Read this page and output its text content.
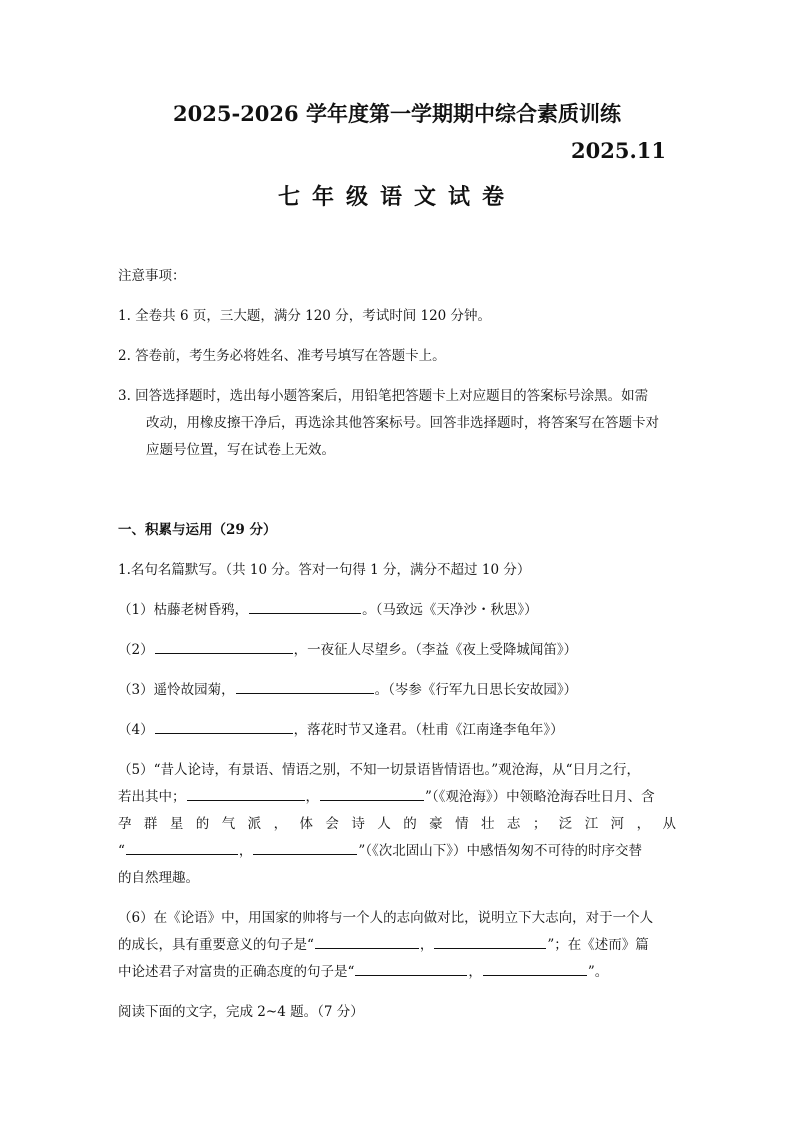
2025-2026 学年度第一学期期中综合素质训练
2025.11
七年级语文试卷
注意事项：
1. 全卷共 6 页，三大题，满分 120 分，考试时间 120 分钟。
2. 答卷前，考生务必将姓名、准考号填写在答题卡上。
3. 回答选择题时，选出每小题答案后，用铅笔把答题卡上对应题目的答案标号涂黑。如需
改动，用橡皮擦干净后，再选涂其他答案标号。回答非选择题时，将答案写在答题卡对
应题号位置，写在试卷上无效。
一、积累与运用（29 分）
1.名句名篇默写。（共 10 分。答对一句得 1 分，满分不超过 10 分）
（1）枯藤老树昏鸦，	。（马致远《天净沙・秋思》）
（2）	，一夜征人尽望乡。（李益《夜上受降城闻笛》）
（3）遥怜故园菊，	。（岑参《行军九日思长安故园》）
（4）	，落花时节又逢君。（杜甫《江南逢李龟年》）
（5）“昔人论诗，有景语、情语之别，不知一切景语皆情语也。”观沧海，从“日月之行，
若出其中；	，	”（《观沧海》）中领略沧海吞吐日月、含
孕群星的气派，体会诗人的豪情壮志；泛江河，从
“	，	”（《次北固山下》）中感悟匆匆不可待的时序交替
的自然理趣。
（6）在《论语》中，用国家的帅将与一个人的志向做对比，说明立下大志向，对于一个人
的成长，具有重要意义的句子是“	，	”；在《述而》篇
中论述君子对富贵的正确态度的句子是“	，	”。
阅读下面的文字，完成 2~4 题。（7 分）
